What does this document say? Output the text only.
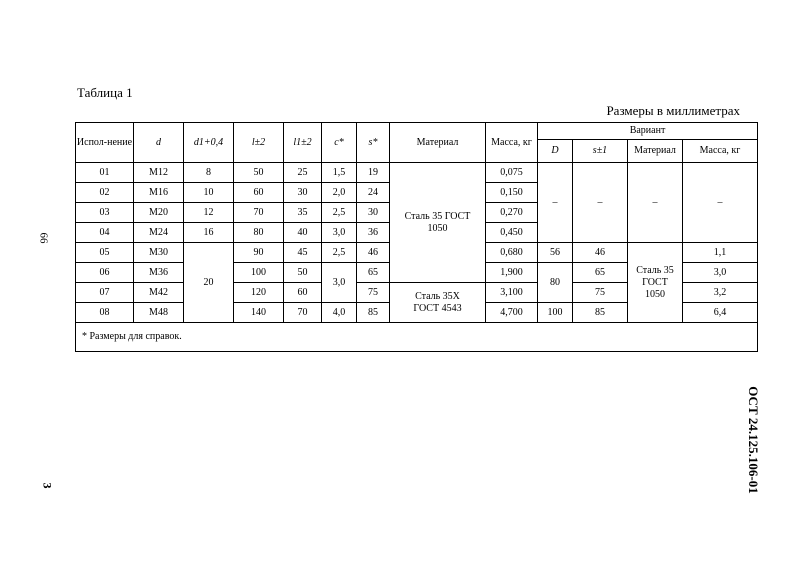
Таблица 1
Размеры в миллиметрах
66
3	ОСТ 24.125.106-01
Испол-нение	d	d1+0,4	l±2	l1±2	c*	s*	Материал	Масса, кг	Вариант			
									D	s±1	Материал	Масса, кг
01	M12	8	50	25	1,5	19	Сталь 35 ГОСТ 1050	0,075	–	–	–	–
02	M16	10	60	30	2,0	24		0,150				
03	M20	12	70	35	2,5	30		0,270				
04	M24	16	80	40	3,0	36		0,450				
05	M30	20	90	45	2,5	46		0,680	56	46	Сталь 35 ГОСТ 1050	1,1
06	M36		100	50	3,0	65		1,900	80	65		3,0
07	M42		120	60		75	Сталь 35Х ГОСТ 4543	3,100		75		3,2
08	M48		140	70	4,0	85		4,700	100	85		6,4
* Размеры для справок.												
